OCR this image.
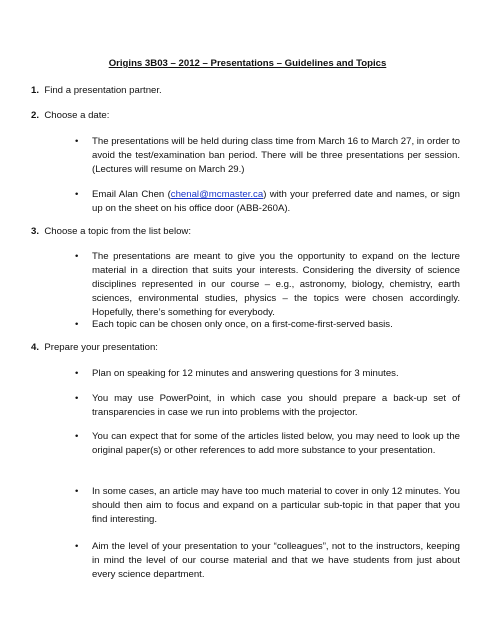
Origins 3B03 – 2012 – Presentations – Guidelines and Topics
1. Find a presentation partner.
2. Choose a date:
• The presentations will be held during class time from March 16 to March 27, in order to avoid the test/examination ban period. There will be three presentations per session. (Lectures will resume on March 29.)
• Email Alan Chen (chenal@mcmaster.ca) with your preferred date and names, or sign up on the sheet on his office door (ABB-260A).
3. Choose a topic from the list below:
• The presentations are meant to give you the opportunity to expand on the lecture material in a direction that suits your interests. Considering the diversity of science disciplines represented in our course – e.g., astronomy, biology, chemistry, earth sciences, environmental studies, physics – the topics were chosen accordingly. Hopefully, there’s something for everybody.
• Each topic can be chosen only once, on a first-come-first-served basis.
4. Prepare your presentation:
• Plan on speaking for 12 minutes and answering questions for 3 minutes.
• You may use PowerPoint, in which case you should prepare a back-up set of transparencies in case we run into problems with the projector.
• You can expect that for some of the articles listed below, you may need to look up the original paper(s) or other references to add more substance to your presentation.
• In some cases, an article may have too much material to cover in only 12 minutes. You should then aim to focus and expand on a particular sub-topic in that paper that you find interesting.
• Aim the level of your presentation to your “colleagues”, not to the instructors, keeping in mind the level of our course material and that we have students from just about every science department.
